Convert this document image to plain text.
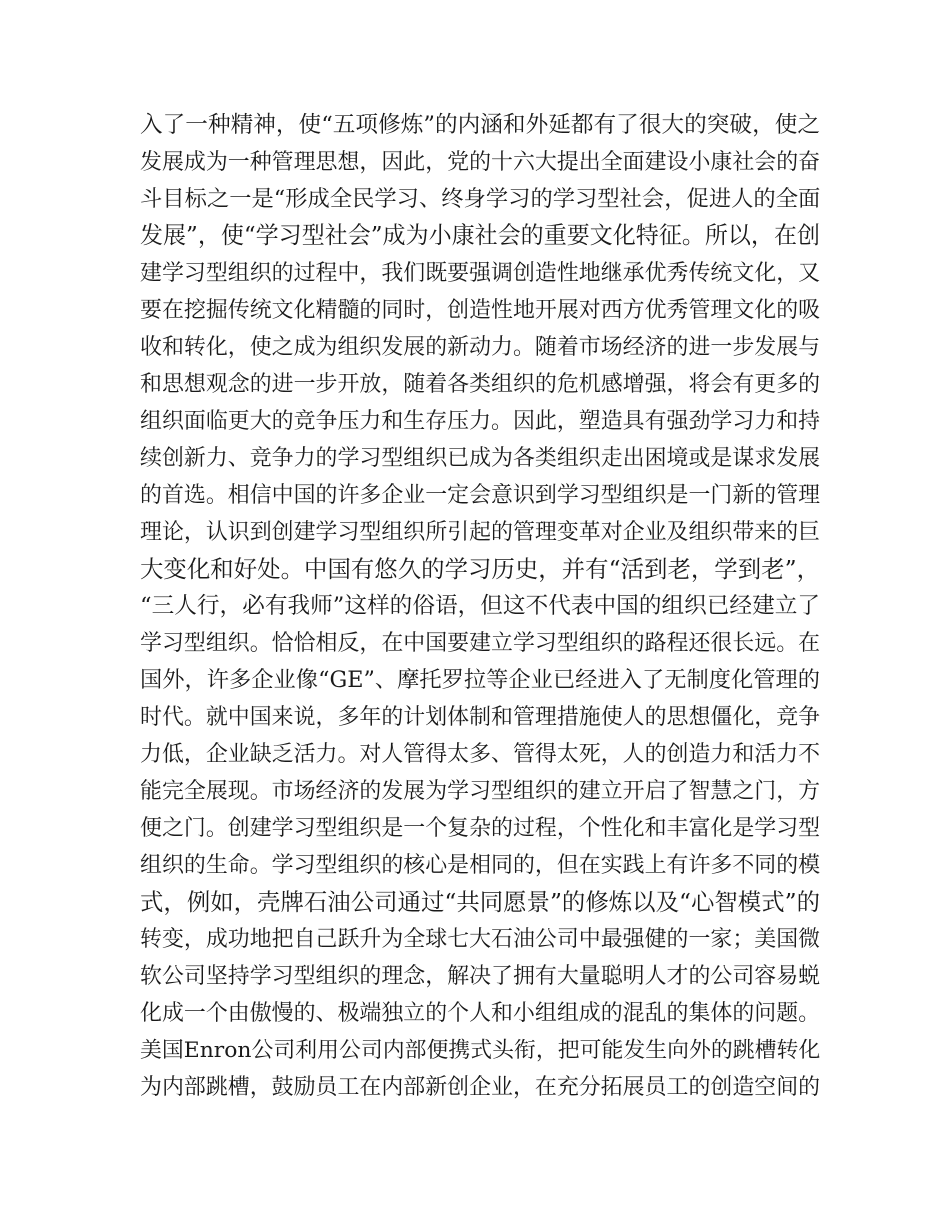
入了一种精神，使“五项修炼”的内涵和外延都有了很大的突破，使之
发展成为一种管理思想，因此，党的十六大提出全面建设小康社会的奋
斗目标之一是“形成全民学习、终身学习的学习型社会，促进人的全面
发展”，使“学习型社会”成为小康社会的重要文化特征。所以，在创
建学习型组织的过程中，我们既要强调创造性地继承优秀传统文化，又
要在挖掘传统文化精髓的同时，创造性地开展对西方优秀管理文化的吸
收和转化，使之成为组织发展的新动力。随着市场经济的进一步发展与
和思想观念的进一步开放，随着各类组织的危机感增强，将会有更多的
组织面临更大的竞争压力和生存压力。因此，塑造具有强劲学习力和持
续创新力、竞争力的学习型组织已成为各类组织走出困境或是谋求发展
的首选。相信中国的许多企业一定会意识到学习型组织是一门新的管理
理论，认识到创建学习型组织所引起的管理变革对企业及组织带来的巨
大变化和好处。中国有悠久的学习历史，并有“活到老，学到老”，
“三人行，必有我师”这样的俗语，但这不代表中国的组织已经建立了
学习型组织。恰恰相反，在中国要建立学习型组织的路程还很长远。在
国外，许多企业像“GE”、摩托罗拉等企业已经进入了无制度化管理的
时代。就中国来说，多年的计划体制和管理措施使人的思想僵化，竞争
力低，企业缺乏活力。对人管得太多、管得太死，人的创造力和活力不
能完全展现。市场经济的发展为学习型组织的建立开启了智慧之门，方
便之门。创建学习型组织是一个复杂的过程，个性化和丰富化是学习型
组织的生命。学习型组织的核心是相同的，但在实践上有许多不同的模
式，例如，壳牌石油公司通过“共同愿景”的修炼以及“心智模式”的
转变，成功地把自己跃升为全球七大石油公司中最强健的一家；美国微
软公司坚持学习型组织的理念，解决了拥有大量聪明人才的公司容易蜕
化成一个由傲慢的、极端独立的个人和小组组成的混乱的集体的问题。
美国Enron公司利用公司内部便携式头衔，把可能发生向外的跳槽转化
为内部跳槽，鼓励员工在内部新创企业，在充分拓展员工的创造空间的
